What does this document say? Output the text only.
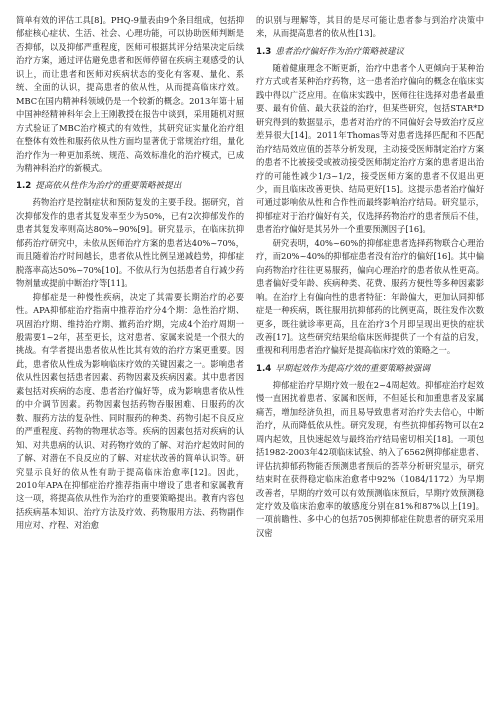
简单有效的评估工具[8]。PHQ-9量表由9个条目组成，包括抑郁症核心症状、生活、社会、心理功能，可以协助医师判断是否抑郁，以及抑郁严重程度，医师可根据其评分结果决定后续治疗方案，通过评估避免患者和医师停留在疾病主观感受的认识上，而让患者和医师对疾病状态的变化有客观、量化、系统、全面的认识，提高患者的依从性，从而提高临床疗效。MBC在国内精神科领域仍是一个较新的概念。2013年第十届中国神经精神科年会上王刚教授在报告中谈到，采用随机对照方式验证了MBC治疗模式的有效性，其研究证实量化治疗组在整体有效性和服药依从性方面均显著优于常规治疗组，量化治疗作为一种更加系统、规范、高效标准化的治疗模式，已成为精神科治疗的新模式。

1.2 提高依从性作为治疗的重要策略被提出

药物治疗是控制症状和预防复发的主要手段。据研究，首次抑郁发作的患者其复发率至少为50%，已有2次抑郁发作的患者其复发率则高达80%~90%[9]。研究显示，在临床抗抑郁药治疗研究中，未依从医师治疗方案的患者达40%~70%，而且随着治疗时间越长，患者依从性比例呈递减趋势，抑郁症脱落率高达50%~70%[10]。不依从行为包括患者自行减少药物剂量或提前中断治疗等[11]。

抑郁症是一种慢性疾病，决定了其需要长期治疗的必要性。APA抑郁症治疗指南中推荐治疗分4个期：急性治疗期、巩固治疗期、维持治疗期、撤药治疗期，完成4个治疗周期一般需要1~2年，甚至更长，这对患者、家属来说是一个很大的挑战。有学者提出患者依从性比其有效的治疗方案更重要。因此，患者依从性成为影响临床疗效的关键因素之一。影响患者依从性因素包括患者因素、药物因素及疾病因素。其中患者因素包括对疾病的态度、患者治疗偏好等，成为影响患者依从性的中介调节因素。药物因素包括药物吞服困难、日服药的次数、服药方法的复杂性、同时服药的种类、药物引起不良反应的严重程度、药物的物理状态等。疾病的因素包括对疾病的认知、对共患病的认识、对药物疗效的了解、对治疗起效时间的了解、对潜在不良反应的了解、对症状改善的简单认识等。研究显示良好的依从性有助于提高临床治愈率[12]。因此，2010年APA在抑郁症治疗推荐指南中增设了患者和家属教育这一项，将提高依从性作为治疗的重要策略提出。教育内容包括疾病基本知识、治疗方法及疗效、药物服用方法、药物副作用应对、疗程、对治愈

的识别与理解等，其目的是尽可能让患者参与到治疗决策中来，从而提高患者的依从性[13]。

1.3 患者治疗偏好作为治疗策略被建议

随着健康理念不断更新，治疗中患者个人更倾向于某种治疗方式或者某种治疗药物，这一患者治疗偏向的概念在临床实践中得以广泛应用。在临床实践中，医师往往选择对患者最重要、最有价值、最大获益的治疗，但某些研究，包括STAR*D研究得到的数据显示，患者对治疗的不同偏好会导致治疗反应差异很大[14]。2011年Thomas等对患者选择匹配和不匹配治疗结局效应值的荟萃分析发现，主动接受医师制定治疗方案的患者不比被接受或被动接受医师制定治疗方案的患者退出治疗的可能性减少1/3~1/2，接受医师方案的患者不仅退出更少，而且临床改善更快、结局更好[15]。这提示患者治疗偏好可通过影响依从性和合作性而最终影响治疗结局。研究显示，抑郁症对于治疗偏好有关，仅选择药物治疗的患者预后不佳，患者治疗偏好是其另外一个重要预测因子[16]。

研究表明，40%~60%的抑郁症患者选择药物联合心理治疗，而20%~40%的抑郁症患者没有治疗的偏好[16]。其中偏向药物治疗往往更易服药，偏向心理治疗的患者依从性更高。患者偏好受年龄、疾病种类、花费、服药方便性等多种因素影响。在治疗上有偏向性的患者特征：年龄偏大，更加认同抑郁症是一种疾病，既往服用抗抑郁药的比例更高，既往发作次数更多，既往就诊率更高，且在治疗3个月即呈现出更快的症状改善[17]。这些研究结果给临床医师提供了一个有益的启发，重视和利用患者治疗偏好是提高临床疗效的策略之一。

1.4 早期起效作为提高疗效的重要策略被强调

抑郁症治疗早期疗效一般在2~4周起效。抑郁症治疗起效慢一直困扰着患者、家属和医师，不但延长和加重患者及家属痛苦，增加经济负担，而且易导致患者对治疗失去信心，中断治疗，从而降低依从性。研究发现，有些抗抑郁药物可以在2周内起效，且快速起效与最终治疗结局密切相关[18]。一项包括1982-2003年42项临床试验、纳入了6562例抑郁症患者、评估抗抑郁药物能否预测患者预后的荟萃分析研究显示，研究结束时在获得稳定临床治愈者中92%（1084/1172）为早期改善者，早期的疗效可以有效预测临床预后，早期疗效预测稳定疗效及临床治愈率的敏感度分别在81%和87%以上[19]。一项前瞻性、多中心的包括705例抑郁症住院患者的研究采用汉密
